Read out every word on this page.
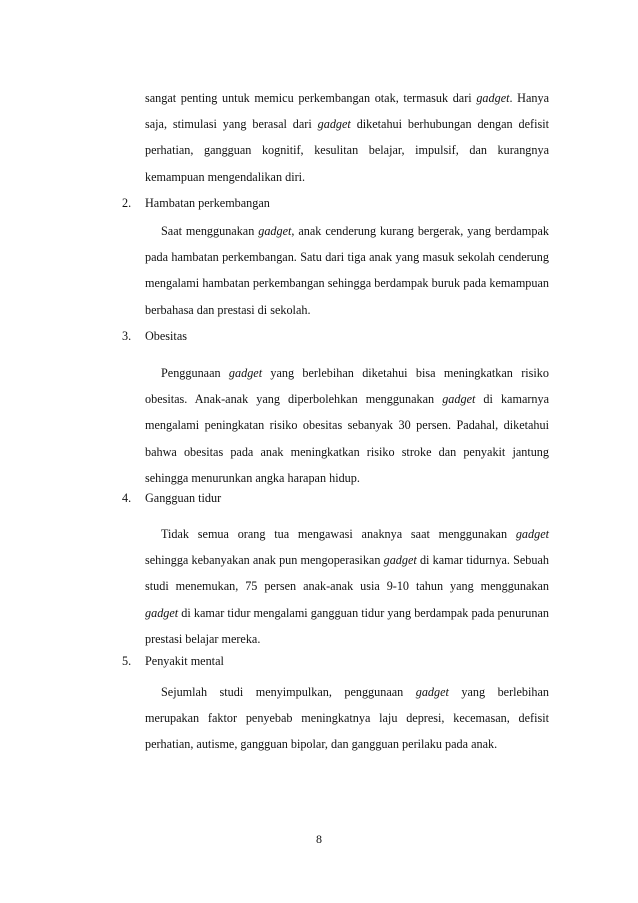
sangat penting untuk memicu perkembangan otak, termasuk dari gadget. Hanya saja, stimulasi yang berasal dari gadget diketahui berhubungan dengan defisit perhatian, gangguan kognitif, kesulitan belajar, impulsif, dan kurangnya kemampuan mengendalikan diri.

2. Hambatan perkembangan

Saat menggunakan gadget, anak cenderung kurang bergerak, yang berdampak pada hambatan perkembangan. Satu dari tiga anak yang masuk sekolah cenderung mengalami hambatan perkembangan sehingga berdampak buruk pada kemampuan berbahasa dan prestasi di sekolah.

3. Obesitas

Penggunaan gadget yang berlebihan diketahui bisa meningkatkan risiko obesitas. Anak-anak yang diperbolehkan menggunakan gadget di kamarnya mengalami peningkatan risiko obesitas sebanyak 30 persen. Padahal, diketahui bahwa obesitas pada anak meningkatkan risiko stroke dan penyakit jantung sehingga menurunkan angka harapan hidup.

4. Gangguan tidur

Tidak semua orang tua mengawasi anaknya saat menggunakan gadget sehingga kebanyakan anak pun mengoperasikan gadget di kamar tidurnya. Sebuah studi menemukan, 75 persen anak-anak usia 9-10 tahun yang menggunakan gadget di kamar tidur mengalami gangguan tidur yang berdampak pada penurunan prestasi belajar mereka.

5. Penyakit mental

Sejumlah studi menyimpulkan, penggunaan gadget yang berlebihan merupakan faktor penyebab meningkatnya laju depresi, kecemasan, defisit perhatian, autisme, gangguan bipolar, dan gangguan perilaku pada anak.

8
